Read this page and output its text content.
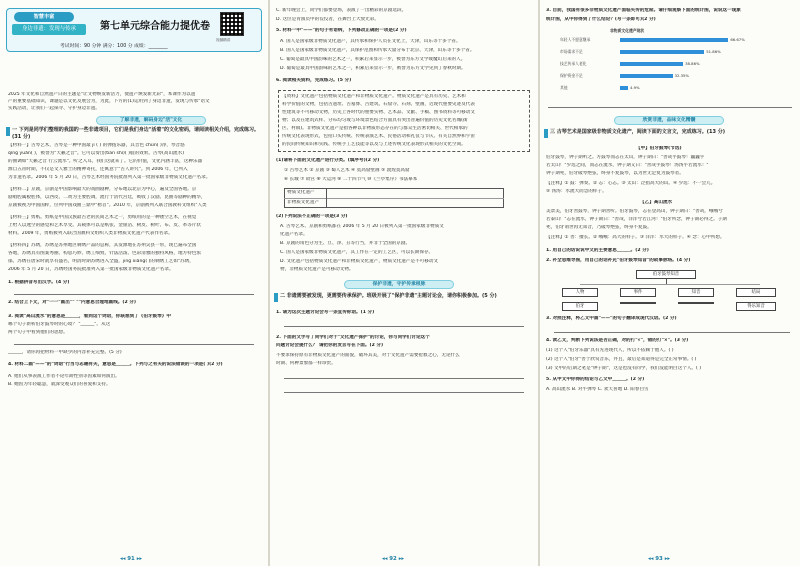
智慧丰富
身边非遗：发现与传承	第七单元综合能力提优卷
视频精讲
考试时间：90 分钟 满分：100 分 成绩：________
2025 年文化和自然遗产日的主题是"让文物焕发新活力，使遗产焕发新光彩"，本课作为以遗
产的重要基础知识，课题是以文化及展会为，为此，下方的(1)运用到了身边非遗，发现与传承"语文
实践活动，让我们一起探寻、守护身边非遗。
了解非遗，解码身边"活"文化
一 下列是同学们整理的我国的一些非遗项目，它们是我们身边"活着"的文化密码，请阅读相关介绍，完成练习。(31 分)
【材料一】古琴艺术，古琴是一种中国最 jí ( ) 的弹拨乐器，其音色 chún( )净，琴音悠
qíng yuǎn( )，被誉为"天籁之音"。它可以奏出(tiān shì)( )般的效果。古琴(高山流水)
的曲调如"天籁之音 行云流水"。听之入耳，我们这就来了。它的价值，文化内涵丰富，这种乐器
源自五帝时期，不仅是文人雅士的精神寄托，还寓意于"古人讲究"。到 2006 年，已列入
为非遗名录。2006 年 5 月 20 日，古琴艺术经国务院批准列入第一批国家级非物质文化遗产名录。
【材料二】京剧，京剧是中国影响最大的戏曲剧种，分布地以北京为中心，遍及全国各地。京
剧唱腔属板腔体，以西皮、二黄为主要腔调，流行于清代宫廷，吸收了汉剧、昆曲等剧种的精华，
京剧被视为中国国粹，位列中国戏曲三鼎甲"榜首"。2010 年，京剧被列入联合国教科文组织"人类
【材料三】剪纸。剪纸是中国汉族最古老的民间艺术之一，剪纸用的是一种镂空艺术，在视觉
上给人以透空的感觉和艺术享受。其载体可以是纸张、金银箔、树皮、树叶、布、皮、革等片状
材料。2009 年，剪纸被列入联合国教科文组织人类非物质文化遗产代表作名录。
【材料四】苏绣，苏绣是苏州地区刺绣产品的总称，其发源地在苏州吴县一带，现已遍布全国
各地，苏绣具有图案秀丽、构思巧妙、绣工细致、针法活泼、色彩清雅的独特风格，地方特色浓
郁。苏绣在唐宋时就享有盛名，明清时期苏绣进入全盛，jing xiáng( )的刺绣工艺如"苏绣，
2006 年 5 月 20 日，苏绣经国务院批准列入第一批国家级非物质文化遗产名录。
1. 根据拼音写出汉字。(4 分)
2. 结合上下文，对"一一"画出"" ""内意思合理地画线。(2 分)
3. 阅读"高山流水"的意思是______，看到这个词语，你联想到了《伯牙鼓琴》中
哪个句子新析伯牙鼓琴时的心境？ "______"。从这
两个句子中看到他们的思想。
______，请你再把材料一中缺少的内容补充完整。(5 分)
4. 材料二画"——"的"词语"行当与志趣有关，意思是______。下列与之有关的说法错误的一项是( )(2 分)
A. 他们从事表演工作者不论年龄性别等因素如何演出。
B. 她因为年轻聪慧，就深受观众们的喜爱和支持。
◂◂ 91 ▸▸
C. 新年晚会上，同学们都要登场，表演了一出精彩的京剧选段。
D. 这位是青演员中的佼佼者，在舞台上大放光彩。
5. 材料一中"——"的句子有语病，下列修改正确的一项是(2 分)
A. 国人是国家级非物质文化遗产，其传承和保护人员在文化上，天津，山东等十多个省。
B. 国人是国家级非物质文化遗产，其保护范围和传承大量分布于北京、天津，山东等十多个省。
C. 葡萄是最具中国韵味的艺术之一，积累后来显示一步，被誉为东方文学或魔幻后来的人。
D. 葡萄是最具中国韵味的艺术之一，积累后来显示一步，被誉为东方文学见到了春秋时期。
6. 阅读相关资料，完成练习。(5 分)
【资料】文化遗产包括物质文化遗产和非物质文化遗产。物质文化遗产是具有历史、艺术和
科学价值的文物，包括古遗址、古墓葬、古建筑、石窟寺、石刻、壁画，近现代重要史迹及代表
性建筑等不可移动文物，历史上各时代的重要实物、艺术品、文献、手稿、图书资料等可移动文
物；以及在建筑式样、分布均匀或与环境景色结合方面具有突出普遍价值的历史文化名城(街
区、村镇)。非物质文化遗产是指各种以非物质形态存在的与群众生活密切相关、世代相承的
传统文化表现形式，包括口头传统、传统表演艺术、民俗活动和礼仪与节庆、有关自然界和宇宙
的民间传统知识和实践、传统手工艺技能等以及与上述传统文化表现形式相关的文化空间。
(1)请将下面的文化遗产进行分类。(填序号)(2 分)
① 古琴艺术 ② 京剧 ③ 蜀人艺术 ④ 莫高窟壁画 ⑤ 敦煌莫高窟
⑥ 长城 ⑦ 故宫 ⑧ 大运河 ⑨ 二十四节气 ⑩《兰亭集序》书法摹本
物质文化遗产
非物质文化遗产
(2)下列说法不正确的一项是(3 分)
A. 古琴艺术、京剧和剪纸都在 2006 年 5 月 20 日被列入第一批国家级非物质文
化遗产名录。
B. 京剧的角色分为生、旦、净、丑等行当，并非于全国的京剧。
C. 国人是国家级非物质文化遗产，其工作在一定的工艺区，可以长期保存。
D. 文化遗产包括物质文化遗产和非物质文化遗产，物质文化遗产是不可移动文
物，非物质文化遗产是可移动文物。
保护非遗，守护传承根脉
二 非遗需要被发现，更需要传承保护。班级开展了"保护非遗"主题讨论会，请你积极参加。(5 分)
1. 请为这次主题讨论会写一条宣传标语。(1 分)
2. 下面的文字写了同学们对于"文化遗产保护"的讨论，你与同学们讨论这个
问题讨论会提什么？ 请把你的发言写在下面。(2 分)
不要求保持原有非物质文化遗产的面貌，破坏其美，对于文化遗产需要抢救之心，无论什么
时期、何种景象都一样珍贵。
◂◂ 92 ▸▸
3. 目前，我国有很多非物质文化遗产面临失传的危险。请仔细观察下面的统计图，说说这一现象
统计图，从中你得到了什么结论？(写一条即可)(2 分)
非物质文化遗产现状
年轻人不愿意继承	66.67%
市场需求不足	51.86%
技艺传承人老化	38.86%
保护资金不足	32.35%
其他	4.9%
欣赏非遗，品味文化精髓
三 古琴艺术是国家级非物质文化遗产，阅读下面的文言文，完成练习。(13 分)
【甲】伯牙鼓琴(节选)
伯牙鼓琴，钟子期听之。方鼓琴而志在太山，钟子期曰："善哉乎鼓琴！巍巍乎
若太山！"少选之间，而志在流水，钟子期又曰："善哉乎鼓琴！汤汤乎若流水！"
钟子期死，伯牙破琴绝弦，终身不复鼓琴，以为世无足复为鼓琴者。
【注释】① 鼓：弹奏。② 志：心志。③ 太山：泛指高大的山。④ 少选：不一会儿。
⑤ 汤汤：水流大而急的样子。
【乙】高山流水
美景美，伯牙善鼓琴，钟子期善听。伯牙鼓琴，志在登高山，钟子期曰："善哉，峨峨兮
若泰山！"志在流水，钟子期曰："善哉，洋洋兮若江河！"伯牙所念，钟子期必得之。子期
死，伯牙谓世再无知音，乃破琴绝弦，终身不复鼓。
【注释】① 善：擅长。② 峨峨：高大的样子。③ 洋洋：水大的样子。④ 念：心中所想。
1. 用自己的话说说甲文的主要意思______。(2 分)
2. 补全思维导图，用自己的话补充"伯牙鼓琴知音"的故事脉络。(4 分)
伯牙鼓琴知音
人物	事件	知音	结局
伯牙	得乐知音
3. 对照注释，将乙文中画"——"的句子翻译成现代汉语。(2 分)
4. 读乙文，判断下列说法是否正确，对的打"√"，错的打"×"。(3 分)
(1) 这个人"伯牙乐器"具有先进现代人，所以不依赖于他人。( )
(2) 这个人"伯牙"善于欣赏音乐，并且，最后是知道得是完全正常事情。( )
(3) 文中的后期之笔是"钟子期"，这是也没有同学，我们没能明白这个人。( )
5. 从甲文中你得的结论与乙文中______。(2 分)
A. 高山流水 B. 对牛弹琴 C. 欢天喜地 D. 阳春白雪
◂◂ 93 ▸▸
